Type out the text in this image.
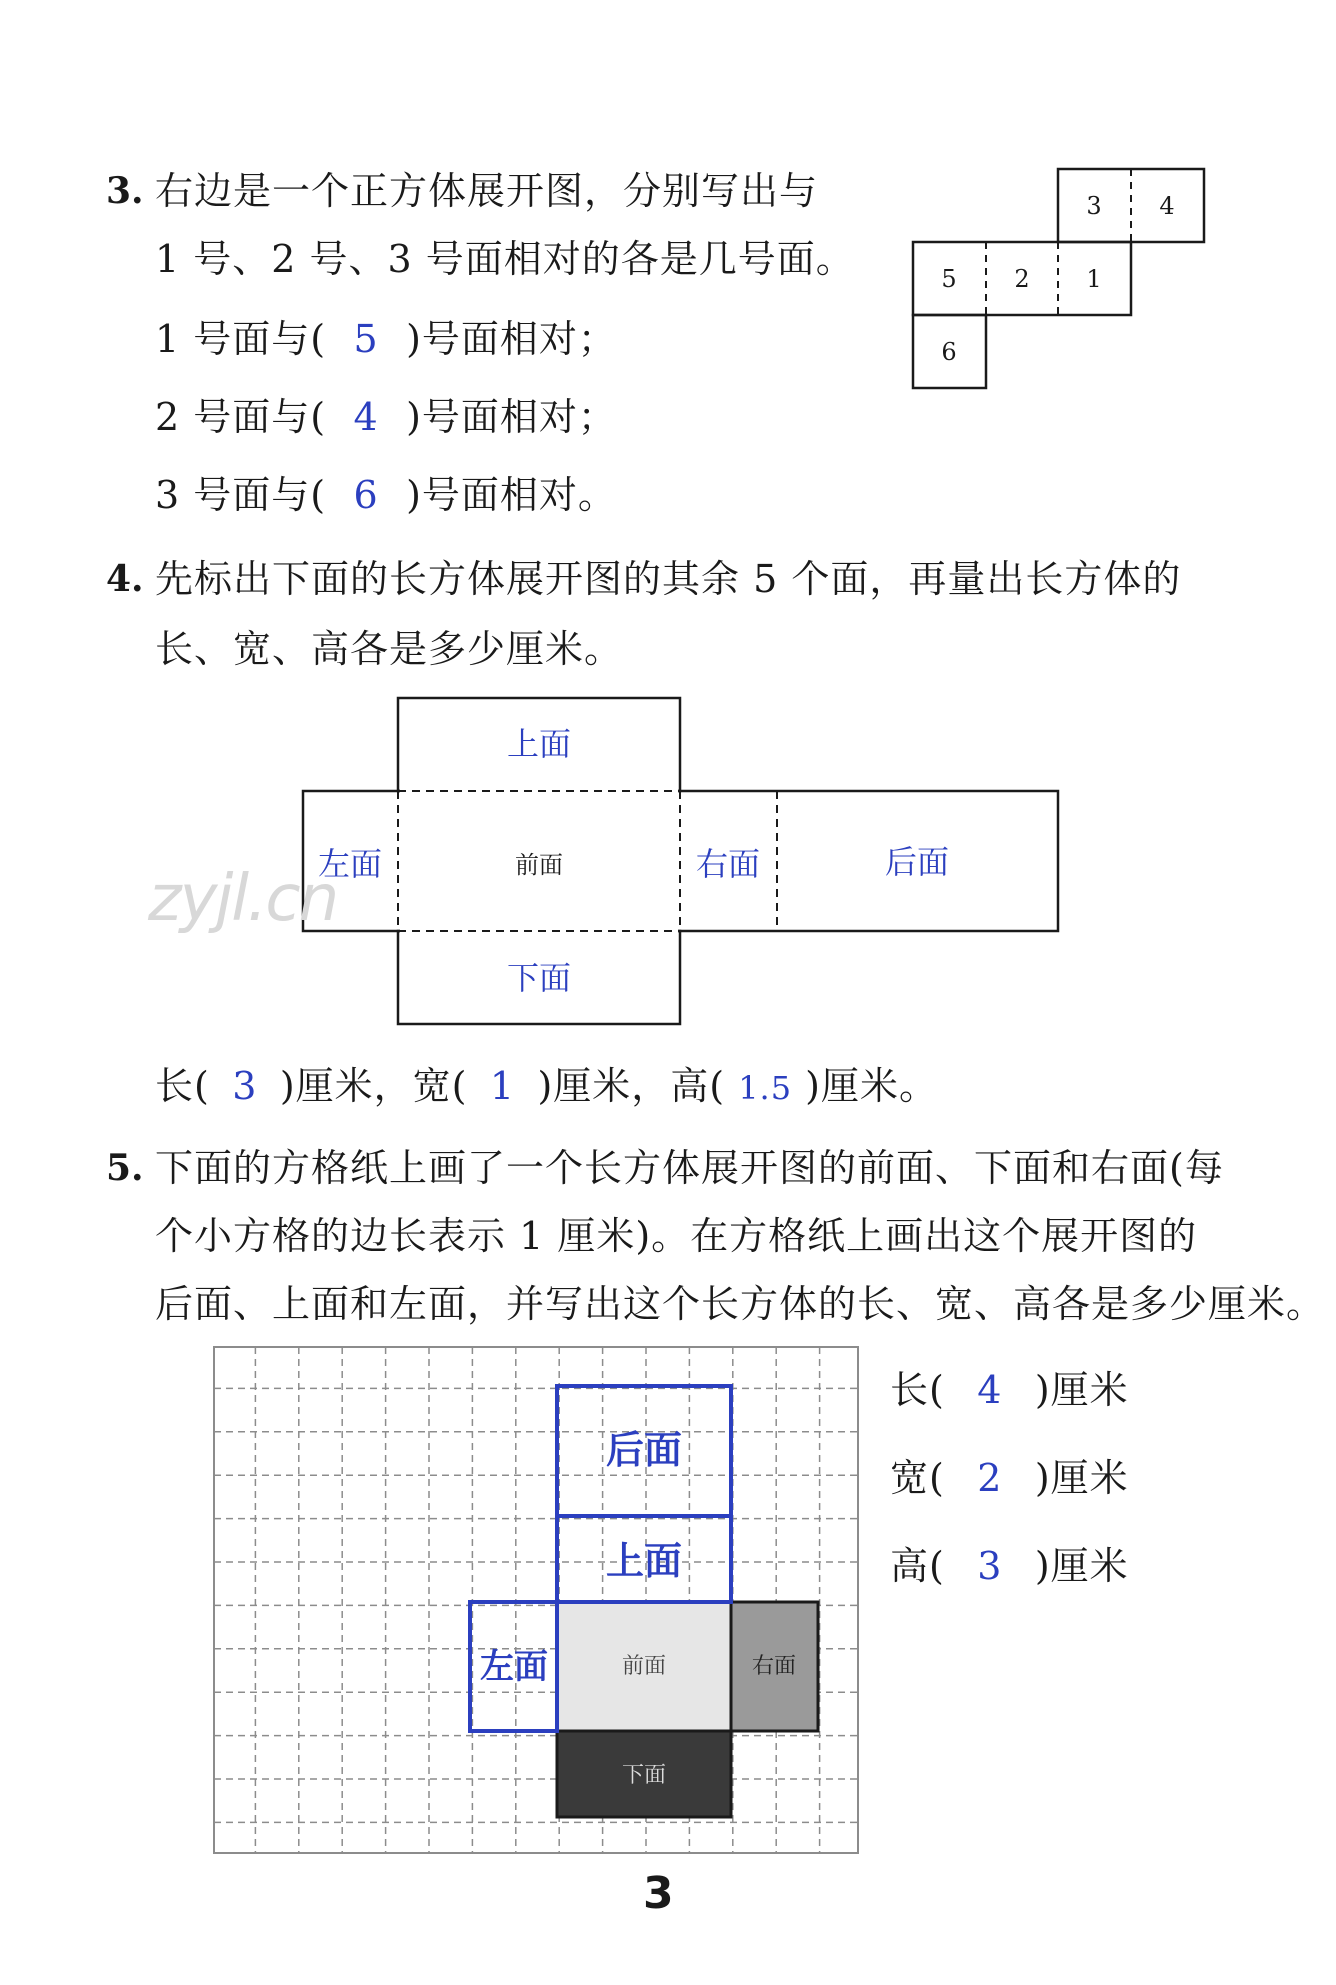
3. 右边是一个正方体展开图，分别写出与
1 号、2 号、3 号面相对的各是几号面。
1 号面与( 5 )号面相对；
2 号面与( 4 )号面相对；
3 号面与( 6 )号面相对。
3 4
5 2 1
6
4. 先标出下面的长方体展开图的其余 5 个面，再量出长方体的
长、宽、高各是多少厘米。
上面
左面	右面	后面
下面
前面
zyjl.cn
长( 3 )厘米，宽( 1 )厘米，高( 1.5 )厘米。
5. 下面的方格纸上画了一个长方体展开图的前面、下面和右面(每
个小方格的边长表示 1 厘米)。在方格纸上画出这个展开图的
后面、上面和左面，并写出这个长方体的长、宽、高各是多少厘米。
后面
上面
左面	前面	右面
下面
长( 4 )厘米
宽( 2 )厘米
高( 3 )厘米
3
